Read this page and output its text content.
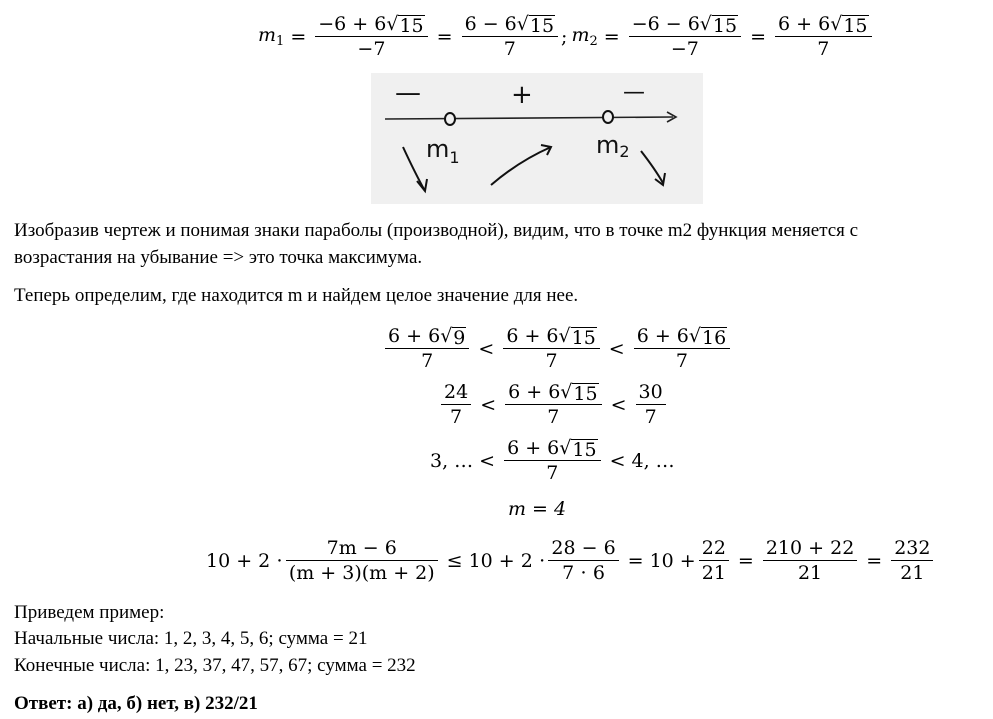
$m_1 = \frac{-6 + 6 √ 15}{-7} = \frac{6 - 6 √ 15}{7}$ ; $m_2 = \frac{-6 - 6 √ 15}{-7} = \frac{6 + 6 √ 15}{7}$
—	+	—
$m_1$	m2
Изобразив чертеж и понимая знаки параболы (производной), видим, что в точке m2 функция меняется с
возрастания на убывание => это точка максимума.
Теперь определим, где находится m и найдем целое значение для нее.
$\frac{6 + 6 √ 9}{7} < \frac{6 + 6 √ 15}{7} < \frac{6 + 6 √ 16}{7}$
$\frac{24}{7} < \frac{6 + 6 √ 15}{7} < \frac{30}{7}$
3, … < $\frac{6 + 6 √ 15}{7} < 4$, …
m = 4
$10 + 2 \cdot \frac{7m - 6}{(m + 3)(m + 2)} \le 10 + 2 \cdot \frac{28 - 6}{7 \cdot 6} = 10 + \frac{22}{21} = \frac{210 + 22}{21} = \frac{232}{21}$
Приведем пример:
Начальные числа: 1, 2, 3, 4, 5, 6; сумма = 21
Конечные числа: 1, 23, 37, 47, 57, 67; сумма = 232
Ответ: а) да, б) нет, в) 232/21
